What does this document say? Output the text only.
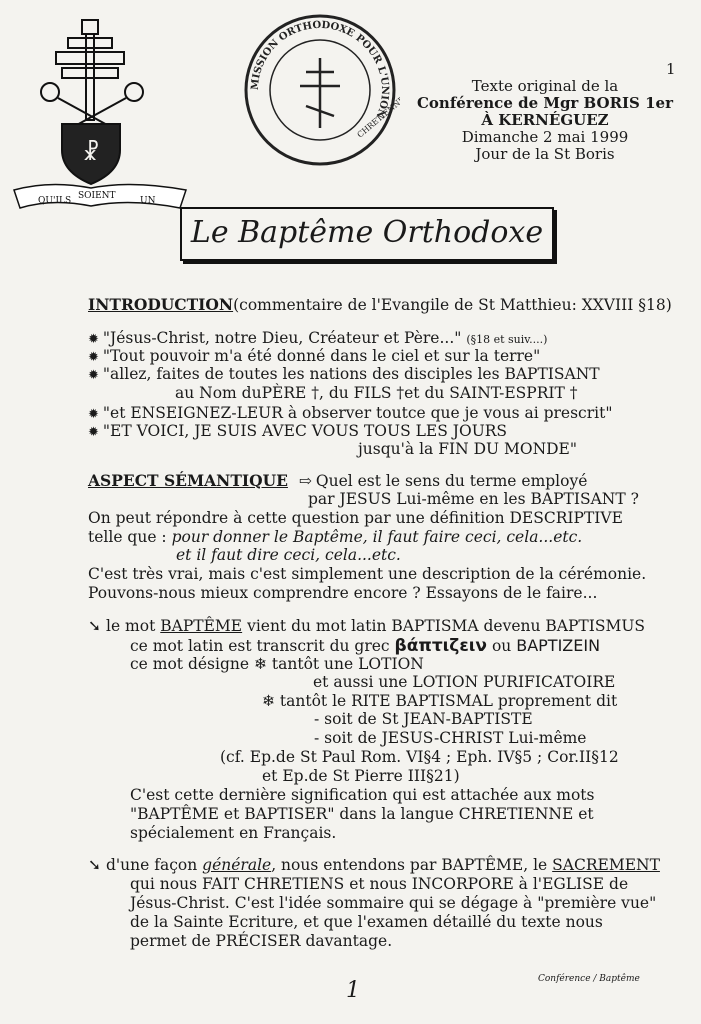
☧
QU'ILS SOIENT	UN
MISSION ORTHODOXE POUR L'UNION
CHRETIENNE
1
Texte original de la
Conférence de Mgr BORIS 1er
À KERNÉGUEZ
Dimanche 2 mai 1999
Jour de la St Boris
Le Baptême Orthodoxe
INTRODUCTION(commentaire de l'Evangile de St Matthieu: XXVIII §18)
✹ "Jésus-Christ, notre Dieu, Créateur et Père..." (§18 et suiv....)
✹ "Tout pouvoir m'a été donné dans le ciel et sur la terre"
✹ "allez, faites de toutes les nations des disciples les BAPTISANT
au Nom duPÈRE †, du FILS †et du SAINT-ESPRIT †
✹ "et ENSEIGNEZ-LEUR à observer toutce que je vous ai prescrit"
✹ "ET VOICI, JE SUIS AVEC VOUS TOUS LES JOURS
jusqu'à la FIN DU MONDE"
ASPECT SÉMANTIQUE ⇨ Quel est le sens du terme employé
par JESUS Lui-même en les BAPTISANT ?
On peut répondre à cette question par une définition DESCRIPTIVE
telle que : pour donner le Baptême, il faut faire ceci, cela...etc.
et il faut dire ceci, cela...etc.
C'est très vrai, mais c'est simplement une description de la cérémonie.
Pouvons-nous mieux comprendre encore ? Essayons de le faire...
➘ le mot BAPTÊME vient du mot latin BAPTISMA devenu BAPTISMUS
ce mot latin est transcrit du grec βάπτιζειν ou BAPTIZEIN
ce mot désigne ❄ tantôt une LOTION
et aussi une LOTION PURIFICATOIRE
❄ tantôt le RITE BAPTISMAL proprement dit
- soit de St JEAN-BAPTISTE
- soit de JESUS-CHRIST Lui-même
(cf. Ep.de St Paul Rom. VI§4 ; Eph. IV§5 ; Cor.II§12
et Ep.de St Pierre III§21)
C'est cette dernière signification qui est attachée aux mots
"BAPTÊME et BAPTISER" dans la langue CHRETIENNE et
spécialement en Français.
➘ d'une façon générale, nous entendons par BAPTÊME, le SACREMENT
qui nous FAIT CHRETIENS et nous INCORPORE à l'EGLISE de
Jésus-Christ. C'est l'idée sommaire qui se dégage à "première vue"
de la Sainte Ecriture, et que l'examen détaillé du texte nous
permet de PRÉCISER davantage.
1	Conférence / Baptême
